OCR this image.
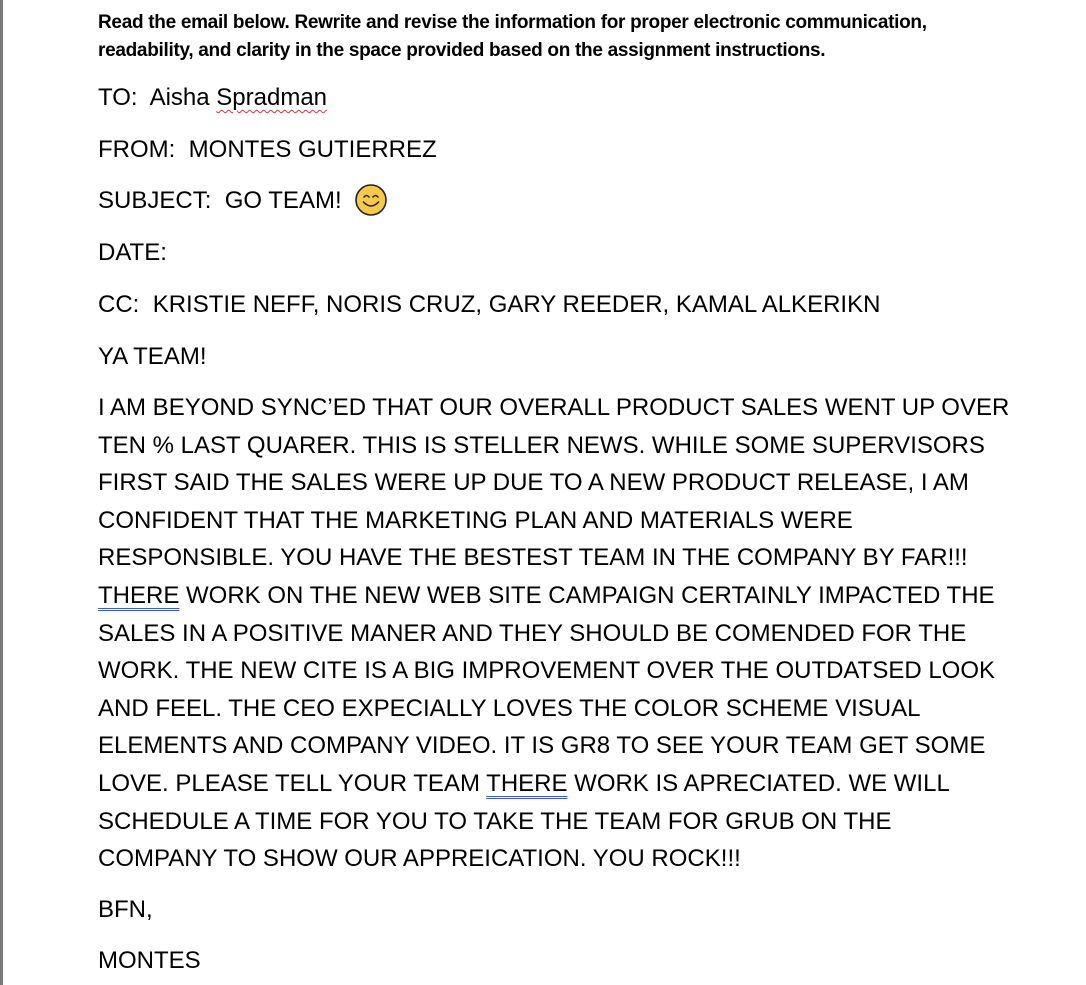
Read the email below. Rewrite and revise the information for proper electronic communication, readability, and clarity in the space provided based on the assignment instructions.
TO: Aisha Spradman
FROM: MONTES GUTIERREZ
SUBJECT: GO TEAM!
DATE:
CC: KRISTIE NEFF, NORIS CRUZ, GARY REEDER, KAMAL ALKERIKN
YA TEAM!
I AM BEYOND SYNC’ED THAT OUR OVERALL PRODUCT SALES WENT UP OVER
TEN % LAST QUARER. THIS IS STELLER NEWS. WHILE SOME SUPERVISORS
FIRST SAID THE SALES WERE UP DUE TO A NEW PRODUCT RELEASE, I AM
CONFIDENT THAT THE MARKETING PLAN AND MATERIALS WERE
RESPONSIBLE. YOU HAVE THE BESTEST TEAM IN THE COMPANY BY FAR!!!
THERE WORK ON THE NEW WEB SITE CAMPAIGN CERTAINLY IMPACTED THE
SALES IN A POSITIVE MANER AND THEY SHOULD BE COMENDED FOR THE
WORK. THE NEW CITE IS A BIG IMPROVEMENT OVER THE OUTDATSED LOOK
AND FEEL. THE CEO EXPECIALLY LOVES THE COLOR SCHEME VISUAL
ELEMENTS AND COMPANY VIDEO. IT IS GR8 TO SEE YOUR TEAM GET SOME
LOVE. PLEASE TELL YOUR TEAM THERE WORK IS APRECIATED. WE WILL
SCHEDULE A TIME FOR YOU TO TAKE THE TEAM FOR GRUB ON THE
COMPANY TO SHOW OUR APPREICATION. YOU ROCK!!!
BFN,
MONTES
